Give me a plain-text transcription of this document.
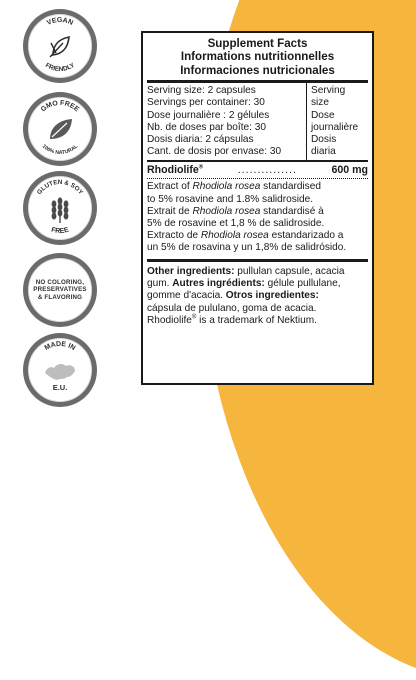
VEGAN
FRIENDLY
GMO FREE
100% NATURAL
GLUTEN & SOY
FREE
NO COLORING,
PRESERVATIVES
& FLAVORING
MADE IN
E.U.
Supplement Facts
Informations nutritionnelles
Informaciones nutricionales
Serving size: 2 capsules
Servings per container: 30
Dose journalière : 2 gélules
Nb. de doses par boîte: 30
Dosis diaria: 2 cápsulas
Cant. de dosis por envase: 30
Serving
size
Dose
journalière
Dosis
diaria
Rhodiolife®	...............	600 mg
Extract of Rhodiola rosea standardised
to 5% rosavine and 1.8% salidroside.
Extrait de Rhodiola rosea standardisé à
5% de rosavine et 1,8 % de salidroside.
Extracto de Rhodiola rosea estandarizado a
un 5% de rosavina y un 1,8% de salidrósido.
Other ingredients: pullulan capsule, acacia
gum. Autres ingrédients: gélule pullulane,
gomme d'acacia. Otros ingredientes:
cápsula de pululano, goma de acacia.
Rhodiolife® is a trademark of Nektium.
